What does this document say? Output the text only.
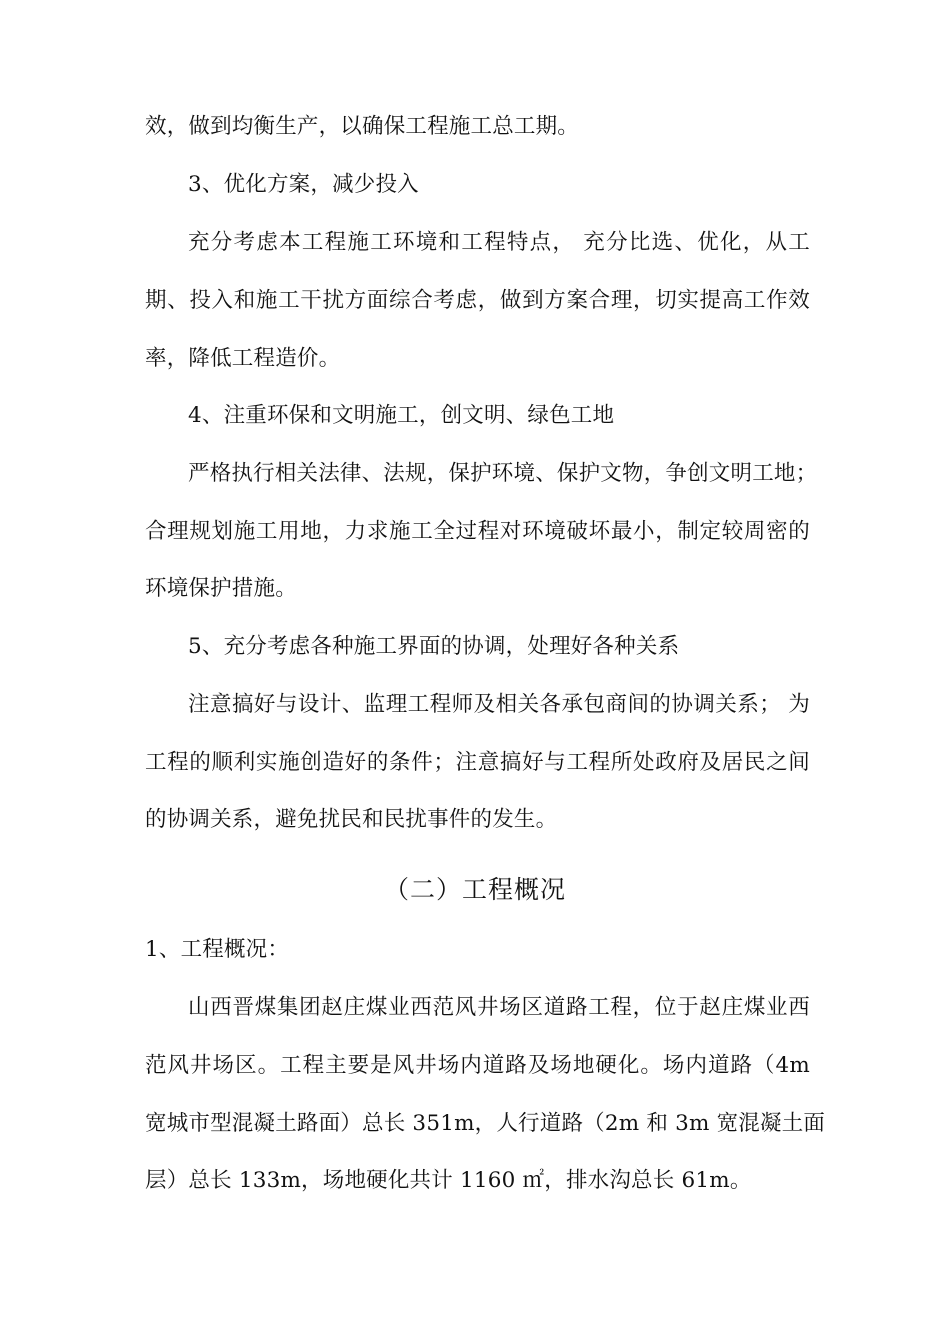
效，做到均衡生产，以确保工程施工总工期。
3、优化方案，减少投入
充分考虑本工程施工环境和工程特点， 充分比选、优化，从工
期、投入和施工干扰方面综合考虑，做到方案合理，切实提高工作效
率，降低工程造价。
4、注重环保和文明施工，创文明、绿色工地
严格执行相关法律、法规，保护环境、保护文物，争创文明工地；
合理规划施工用地，力求施工全过程对环境破坏最小，制定较周密的
环境保护措施。
5、充分考虑各种施工界面的协调，处理好各种关系
注意搞好与设计、监理工程师及相关各承包商间的协调关系； 为
工程的顺利实施创造好的条件；注意搞好与工程所处政府及居民之间
的协调关系，避免扰民和民扰事件的发生。
（二）工程概况
1、工程概况：
山西晋煤集团赵庄煤业西范风井场区道路工程，位于赵庄煤业西
范风井场区。工程主要是风井场内道路及场地硬化。场内道路（4m
宽城市型混凝土路面）总长 351m，人行道路（2m 和 3m 宽混凝土面
层）总长 133m，场地硬化共计 1160 ㎡，排水沟总长 61m。
